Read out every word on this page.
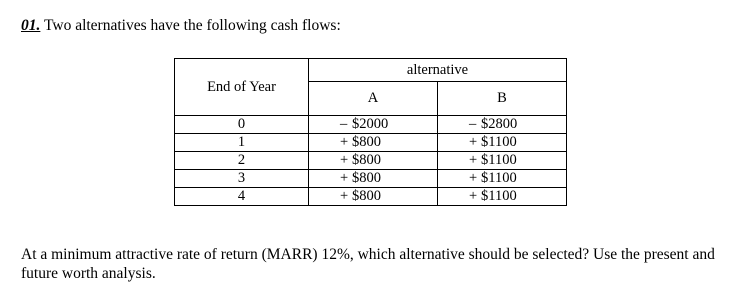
01. Two alternatives have the following cash flows:
End of Year	alternative	
	A	B
0	– $2000	– $2800
1	+ $800	+ $1100
2	+ $800	+ $1100
3	+ $800	+ $1100
4	+ $800	+ $1100
At a minimum attractive rate of return (MARR) 12%, which alternative should be selected? Use the present and future worth analysis.
